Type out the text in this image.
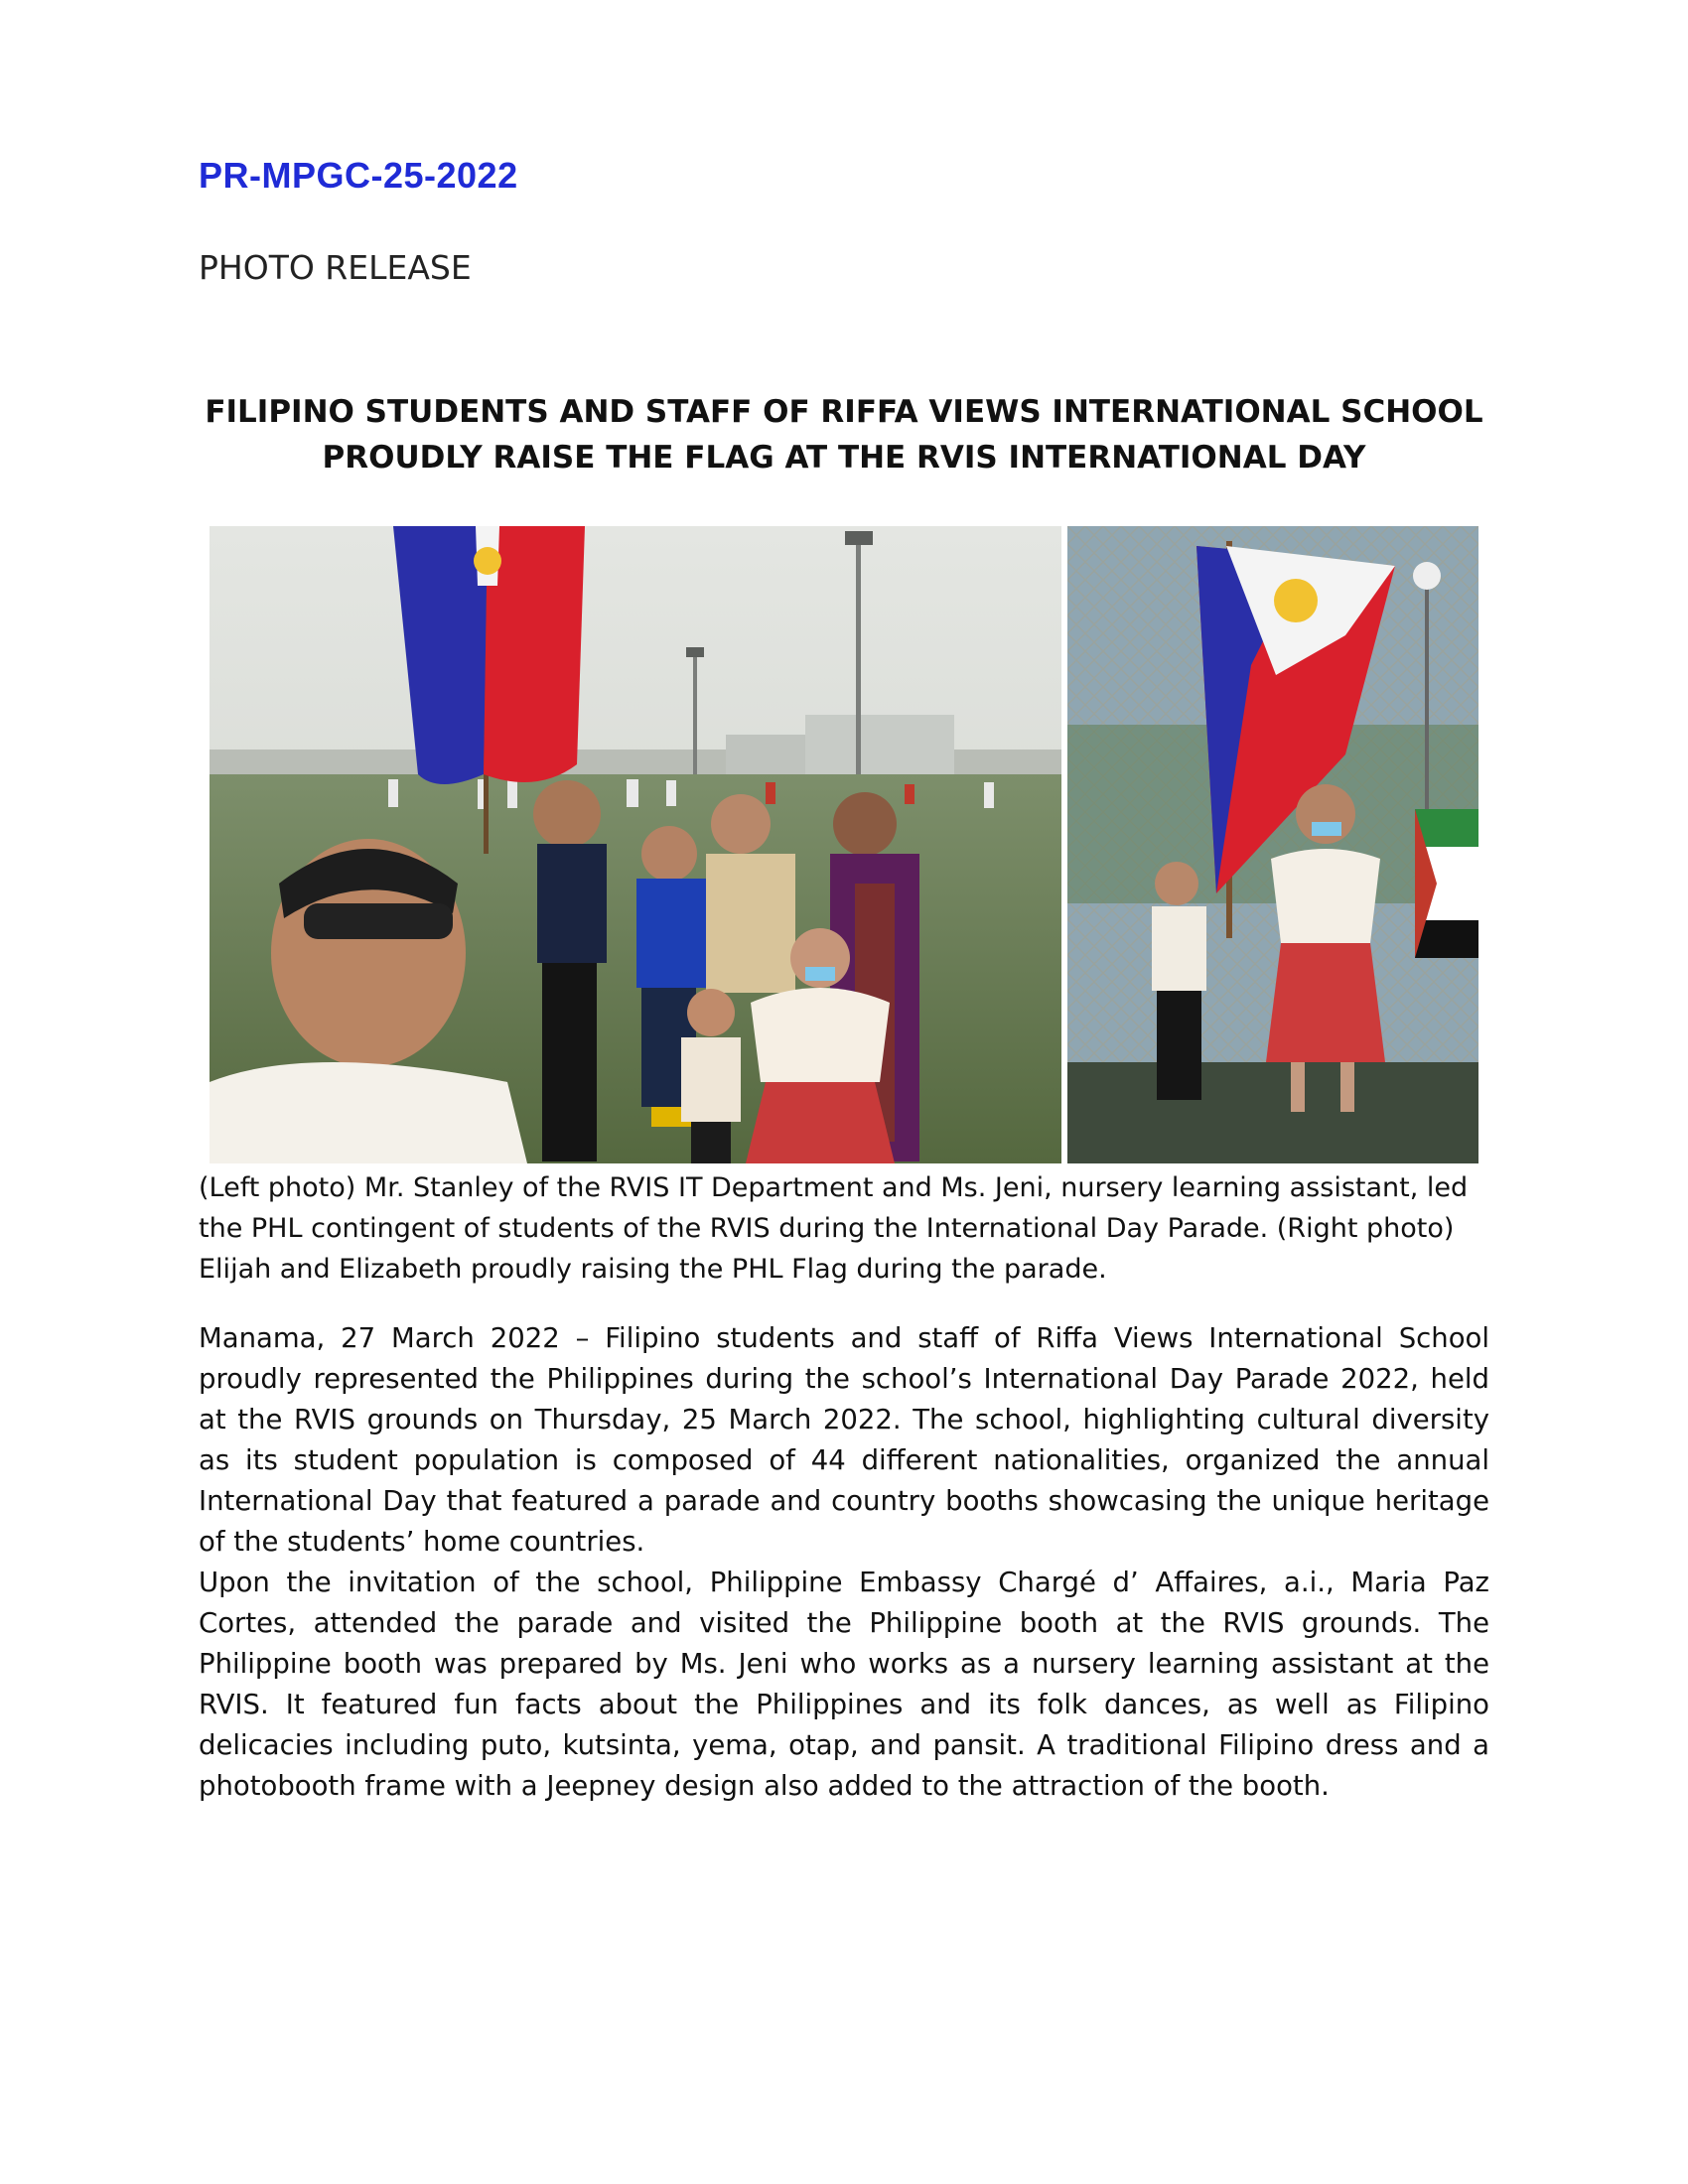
PR-MPGC-25-2022
PHOTO RELEASE
FILIPINO STUDENTS AND STAFF OF RIFFA VIEWS INTERNATIONAL SCHOOL
PROUDLY RAISE THE FLAG AT THE RVIS INTERNATIONAL DAY
(Left photo) Mr. Stanley of the RVIS IT Department and Ms. Jeni, nursery learning assistant, led the PHL contingent of students of the RVIS during the International Day Parade. (Right photo) Elijah and Elizabeth proudly raising the PHL Flag during the parade.
Manama, 27 March 2022 – Filipino students and staff of Riffa Views International School proudly represented the Philippines during the school’s International Day Parade 2022, held at the RVIS grounds on Thursday, 25 March 2022. The school, highlighting cultural diversity as its student population is composed of 44 different nationalities, organized the annual International Day that featured a parade and country booths showcasing the unique heritage of the students’ home countries.
Upon the invitation of the school, Philippine Embassy Chargé d’ Affaires, a.i., Maria Paz Cortes, attended the parade and visited the Philippine booth at the RVIS grounds. The Philippine booth was prepared by Ms. Jeni who works as a nursery learning assistant at the RVIS. It featured fun facts about the Philippines and its folk dances, as well as Filipino delicacies including puto, kutsinta, yema, otap, and pansit. A traditional Filipino dress and a photobooth frame with a Jeepney design also added to the attraction of the booth.
